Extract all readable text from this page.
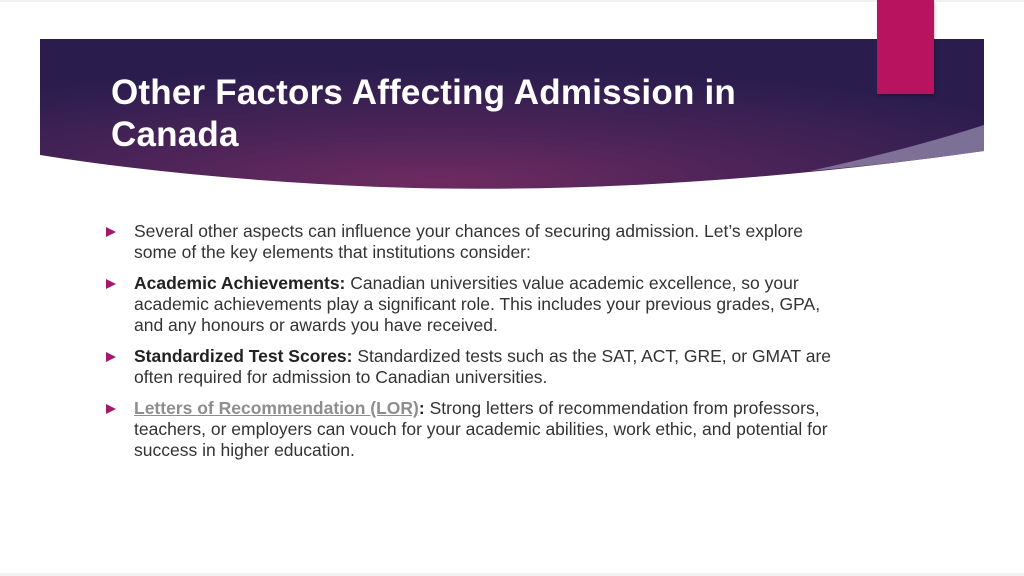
Other Factors Affecting Admission in Canada
Several other aspects can influence your chances of securing admission. Let’s explore some of the key elements that institutions consider:
Academic Achievements: Canadian universities value academic excellence, so your academic achievements play a significant role. This includes your previous grades, GPA, and any honours or awards you have received.
Standardized Test Scores: Standardized tests such as the SAT, ACT, GRE, or GMAT are often required for admission to Canadian universities.
Letters of Recommendation (LOR): Strong letters of recommendation from professors, teachers, or employers can vouch for your academic abilities, work ethic, and potential for success in higher education.
